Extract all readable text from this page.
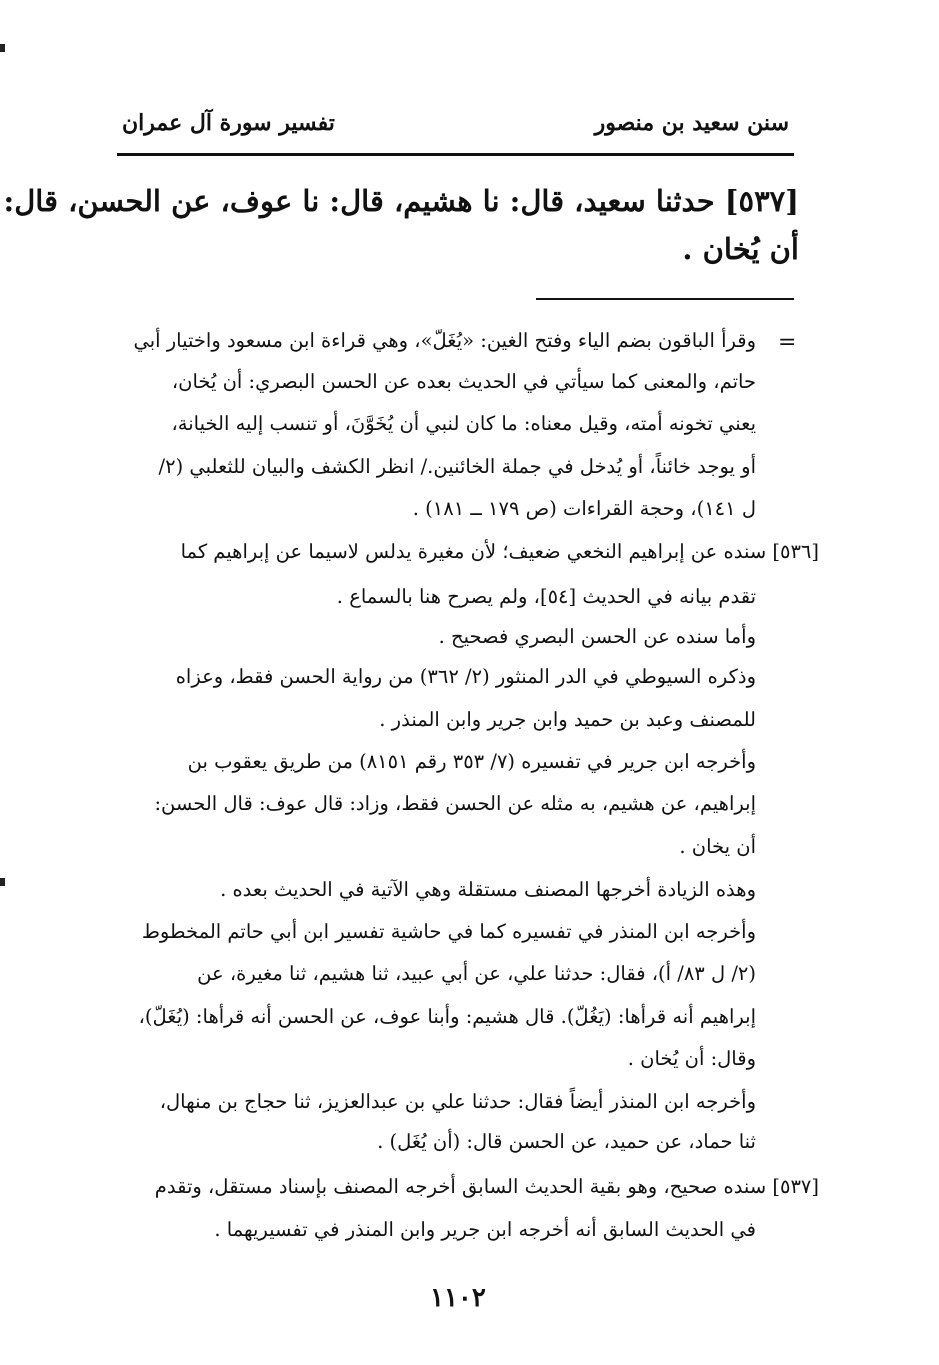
سنن سعيد بن منصور
تفسير سورة آل عمران
[٥٣٧] حدثنا سعيد، قال: نا هشيم، قال: نا عوف، عن الحسن، قال:
أن يُخان .
=
وقرأ الباقون بضم الياء وفتح الغين: «يُغَلّ»، وهي قراءة ابن مسعود واختيار أبي
حاتم، والمعنى كما سيأتي في الحديث بعده عن الحسن البصري: أن يُخان،
يعني تخونه أمته، وقيل معناه: ما كان لنبي أن يُخَوَّنَ، أو تنسب إليه الخيانة،
أو يوجد خائناً، أو يُدخل في جملة الخائنين./ انظر الكشف والبيان للثعلبي (٢/
ل ١٤١)، وحجة القراءات (ص ١٧٩ ــ ١٨١) .
[٥٣٦] سنده عن إبراهيم النخعي ضعيف؛ لأن مغيرة يدلس لاسيما عن إبراهيم كما
تقدم بيانه في الحديث [٥٤]، ولم يصرح هنا بالسماع .
وأما سنده عن الحسن البصري فصحيح .
وذكره السيوطي في الدر المنثور (٢/ ٣٦٢) من رواية الحسن فقط، وعزاه
للمصنف وعبد بن حميد وابن جرير وابن المنذر .
وأخرجه ابن جرير في تفسيره (٧/ ٣٥٣ رقم ٨١٥١) من طريق يعقوب بن
إبراهيم، عن هشيم، به مثله عن الحسن فقط، وزاد: قال عوف: قال الحسن:
أن يخان .
وهذه الزيادة أخرجها المصنف مستقلة وهي الآتية في الحديث بعده .
وأخرجه ابن المنذر في تفسيره كما في حاشية تفسير ابن أبي حاتم المخطوط
(٢/ ل ٨٣/ أ)، فقال: حدثنا علي، عن أبي عبيد، ثنا هشيم، ثنا مغيرة، عن
إبراهيم أنه قرأها: (يَغُلّ). قال هشيم: وأبنا عوف، عن الحسن أنه قرأها: (يُغَلّ)،
وقال: أن يُخان .
وأخرجه ابن المنذر أيضاً فقال: حدثنا علي بن عبدالعزيز، ثنا حجاج بن منهال،
ثنا حماد، عن حميد، عن الحسن قال: (أن يُغَل) .
[٥٣٧] سنده صحيح، وهو بقية الحديث السابق أخرجه المصنف بإسناد مستقل، وتقدم
في الحديث السابق أنه أخرجه ابن جرير وابن المنذر في تفسيريهما .
١١٠٢
